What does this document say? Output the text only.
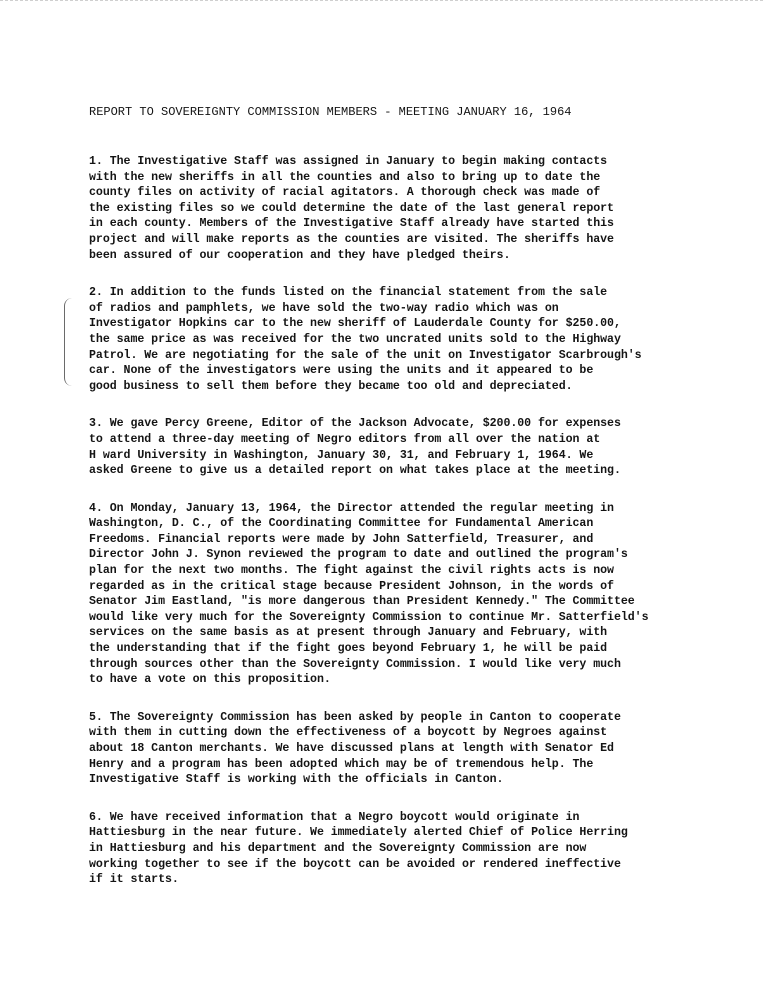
REPORT TO SOVEREIGNTY COMMISSION MEMBERS - MEETING JANUARY 16, 1964
1. The Investigative Staff was assigned in January to begin making contacts
with the new sheriffs in all the counties and also to bring up to date the
county files on activity of racial agitators. A thorough check was made of
the existing files so we could determine the date of the last general report
in each county. Members of the Investigative Staff already have started this
project and will make reports as the counties are visited. The sheriffs have
been assured of our cooperation and they have pledged theirs.
2. In addition to the funds listed on the financial statement from the sale
of radios and pamphlets, we have sold the two-way radio which was on
Investigator Hopkins car to the new sheriff of Lauderdale County for $250.00,
the same price as was received for the two uncrated units sold to the Highway
Patrol. We are negotiating for the sale of the unit on Investigator Scarbrough's
car. None of the investigators were using the units and it appeared to be
good business to sell them before they became too old and depreciated.
3. We gave Percy Greene, Editor of the Jackson Advocate, $200.00 for expenses
to attend a three-day meeting of Negro editors from all over the nation at
H ward University in Washington, January 30, 31, and February 1, 1964. We
asked Greene to give us a detailed report on what takes place at the meeting.
4. On Monday, January 13, 1964, the Director attended the regular meeting in
Washington, D. C., of the Coordinating Committee for Fundamental American
Freedoms. Financial reports were made by John Satterfield, Treasurer, and
Director John J. Synon reviewed the program to date and outlined the program's
plan for the next two months. The fight against the civil rights acts is now
regarded as in the critical stage because President Johnson, in the words of
Senator Jim Eastland, "is more dangerous than President Kennedy." The Committee
would like very much for the Sovereignty Commission to continue Mr. Satterfield's
services on the same basis as at present through January and February, with
the understanding that if the fight goes beyond February 1, he will be paid
through sources other than the Sovereignty Commission. I would like very much
to have a vote on this proposition.
5. The Sovereignty Commission has been asked by people in Canton to cooperate
with them in cutting down the effectiveness of a boycott by Negroes against
about 18 Canton merchants. We have discussed plans at length with Senator Ed
Henry and a program has been adopted which may be of tremendous help. The
Investigative Staff is working with the officials in Canton.
6. We have received information that a Negro boycott would originate in
Hattiesburg in the near future. We immediately alerted Chief of Police Herring
in Hattiesburg and his department and the Sovereignty Commission are now
working together to see if the boycott can be avoided or rendered ineffective
if it starts.
